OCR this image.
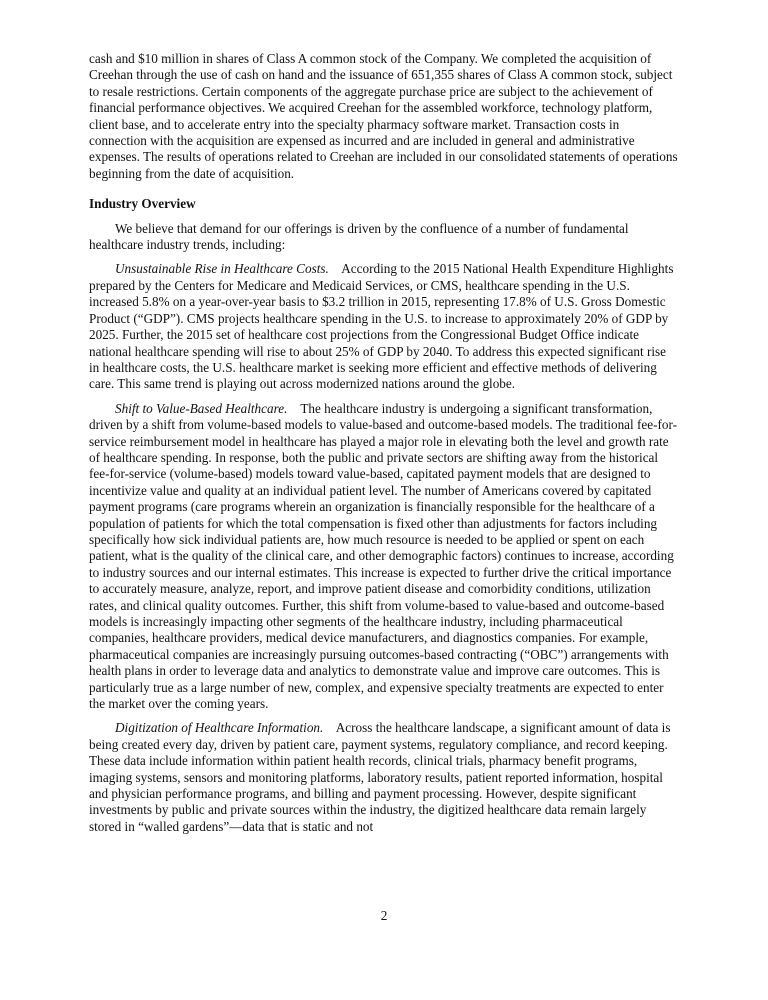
cash and $10 million in shares of Class A common stock of the Company. We completed the acquisition of Creehan through the use of cash on hand and the issuance of 651,355 shares of Class A common stock, subject to resale restrictions. Certain components of the aggregate purchase price are subject to the achievement of financial performance objectives. We acquired Creehan for the assembled workforce, technology platform, client base, and to accelerate entry into the specialty pharmacy software market. Transaction costs in connection with the acquisition are expensed as incurred and are included in general and administrative expenses. The results of operations related to Creehan are included in our consolidated statements of operations beginning from the date of acquisition.

Industry Overview

We believe that demand for our offerings is driven by the confluence of a number of fundamental healthcare industry trends, including:

Unsustainable Rise in Healthcare Costs. According to the 2015 National Health Expenditure Highlights prepared by the Centers for Medicare and Medicaid Services, or CMS, healthcare spending in the U.S. increased 5.8% on a year-over-year basis to $3.2 trillion in 2015, representing 17.8% of U.S. Gross Domestic Product (“GDP”). CMS projects healthcare spending in the U.S. to increase to approximately 20% of GDP by 2025. Further, the 2015 set of healthcare cost projections from the Congressional Budget Office indicate national healthcare spending will rise to about 25% of GDP by 2040. To address this expected significant rise in healthcare costs, the U.S. healthcare market is seeking more efficient and effective methods of delivering care. This same trend is playing out across modernized nations around the globe.

Shift to Value-Based Healthcare. The healthcare industry is undergoing a significant transformation, driven by a shift from volume-based models to value-based and outcome-based models. The traditional fee-for-service reimbursement model in healthcare has played a major role in elevating both the level and growth rate of healthcare spending. In response, both the public and private sectors are shifting away from the historical fee-for-service (volume-based) models toward value-based, capitated payment models that are designed to incentivize value and quality at an individual patient level. The number of Americans covered by capitated payment programs (care programs wherein an organization is financially responsible for the healthcare of a population of patients for which the total compensation is fixed other than adjustments for factors including specifically how sick individual patients are, how much resource is needed to be applied or spent on each patient, what is the quality of the clinical care, and other demographic factors) continues to increase, according to industry sources and our internal estimates. This increase is expected to further drive the critical importance to accurately measure, analyze, report, and improve patient disease and comorbidity conditions, utilization rates, and clinical quality outcomes. Further, this shift from volume-based to value-based and outcome-based models is increasingly impacting other segments of the healthcare industry, including pharmaceutical companies, healthcare providers, medical device manufacturers, and diagnostics companies. For example, pharmaceutical companies are increasingly pursuing outcomes-based contracting (“OBC”) arrangements with health plans in order to leverage data and analytics to demonstrate value and improve care outcomes. This is particularly true as a large number of new, complex, and expensive specialty treatments are expected to enter the market over the coming years.

Digitization of Healthcare Information. Across the healthcare landscape, a significant amount of data is being created every day, driven by patient care, payment systems, regulatory compliance, and record keeping. These data include information within patient health records, clinical trials, pharmacy benefit programs, imaging systems, sensors and monitoring platforms, laboratory results, patient reported information, hospital and physician performance programs, and billing and payment processing. However, despite significant investments by public and private sources within the industry, the digitized healthcare data remain largely stored in “walled gardens”—data that is static and not

2
